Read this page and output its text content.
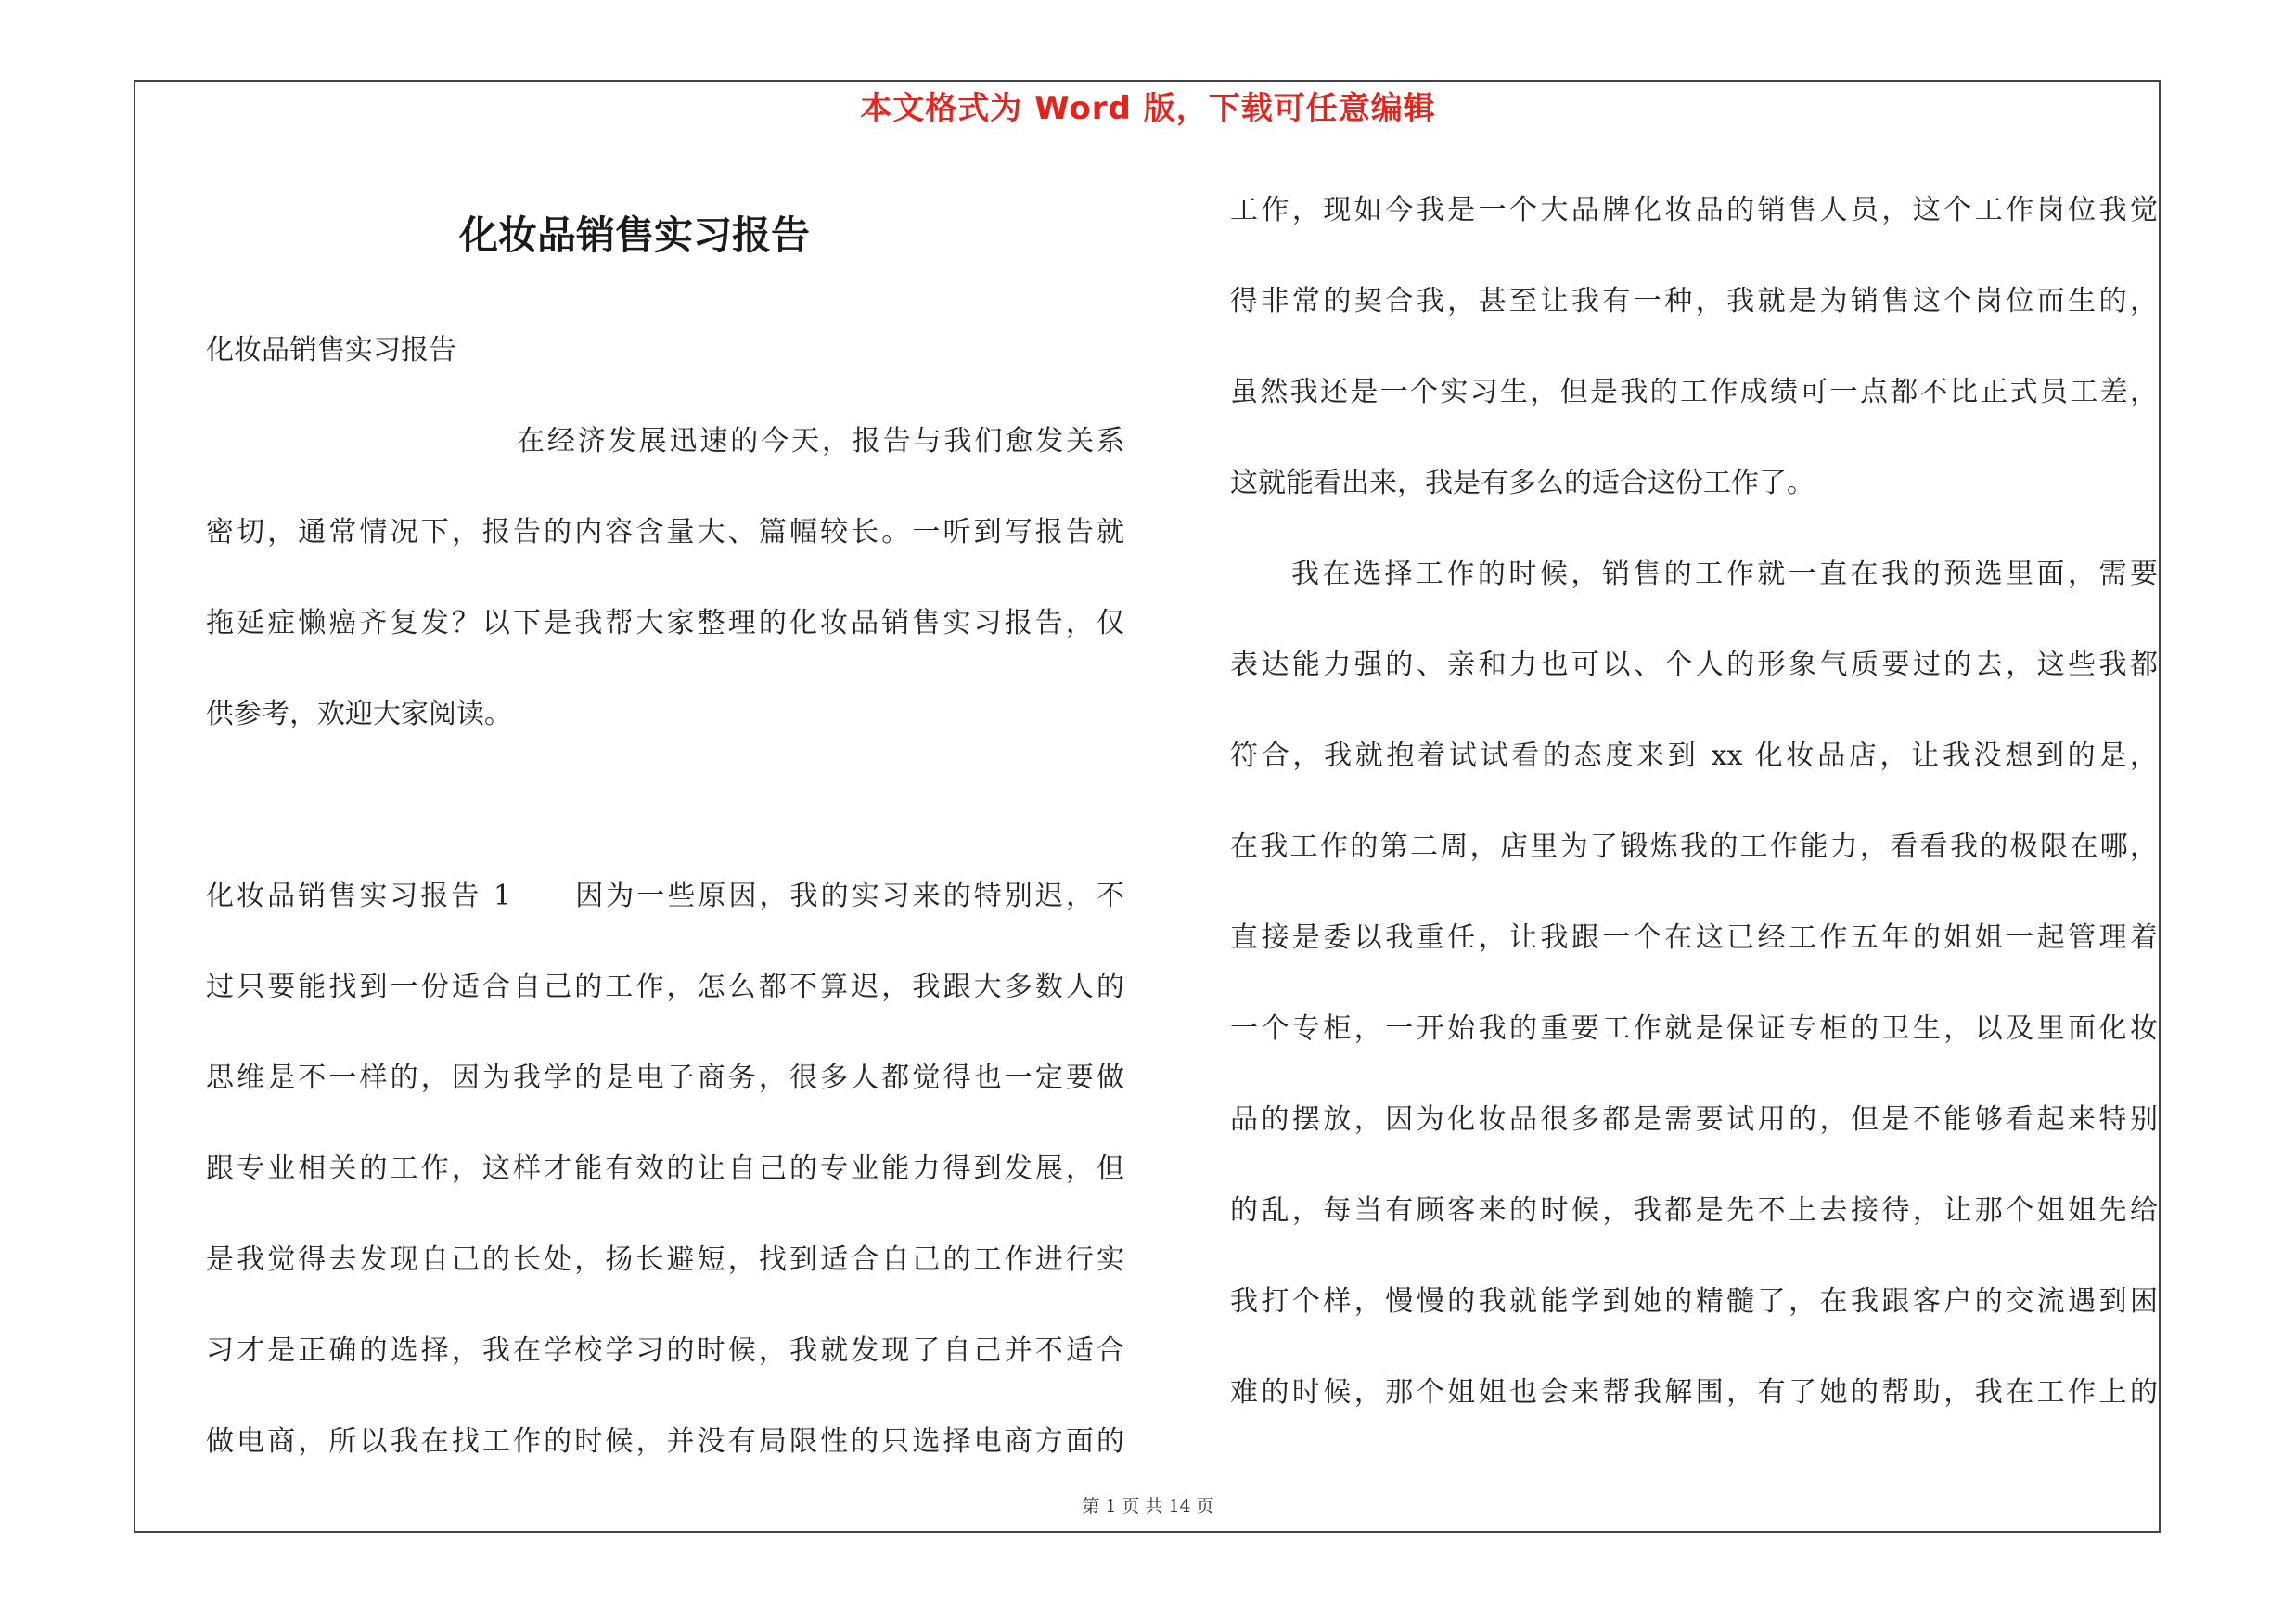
本文格式为 Word 版，下载可任意编辑
化妆品销售实习报告
化妆品销售实习报告
在经济发展迅速的今天，报告与我们愈发关系
密切，通常情况下，报告的内容含量大、篇幅较长。一听到写报告就
拖延症懒癌齐复发？以下是我帮大家整理的化妆品销售实习报告，仅
供参考，欢迎大家阅读。
化妆品销售实习报告 1　　因为一些原因，我的实习来的特别迟，不
过只要能找到一份适合自己的工作，怎么都不算迟，我跟大多数人的
思维是不一样的，因为我学的是电子商务，很多人都觉得也一定要做
跟专业相关的工作，这样才能有效的让自己的专业能力得到发展，但
是我觉得去发现自己的长处，扬长避短，找到适合自己的工作进行实
习才是正确的选择，我在学校学习的时候，我就发现了自己并不适合
做电商，所以我在找工作的时候，并没有局限性的只选择电商方面的
工作，现如今我是一个大品牌化妆品的销售人员，这个工作岗位我觉
得非常的契合我，甚至让我有一种，我就是为销售这个岗位而生的，
虽然我还是一个实习生，但是我的工作成绩可一点都不比正式员工差，
这就能看出来，我是有多么的适合这份工作了。
我在选择工作的时候，销售的工作就一直在我的预选里面，需要
表达能力强的、亲和力也可以、个人的形象气质要过的去，这些我都
符合，我就抱着试试看的态度来到 xx 化妆品店，让我没想到的是，
在我工作的第二周，店里为了锻炼我的工作能力，看看我的极限在哪，
直接是委以我重任，让我跟一个在这已经工作五年的姐姐一起管理着
一个专柜，一开始我的重要工作就是保证专柜的卫生，以及里面化妆
品的摆放，因为化妆品很多都是需要试用的，但是不能够看起来特别
的乱，每当有顾客来的时候，我都是先不上去接待，让那个姐姐先给
我打个样，慢慢的我就能学到她的精髓了，在我跟客户的交流遇到困
难的时候，那个姐姐也会来帮我解围，有了她的帮助，我在工作上的
第 1 页 共 14 页
